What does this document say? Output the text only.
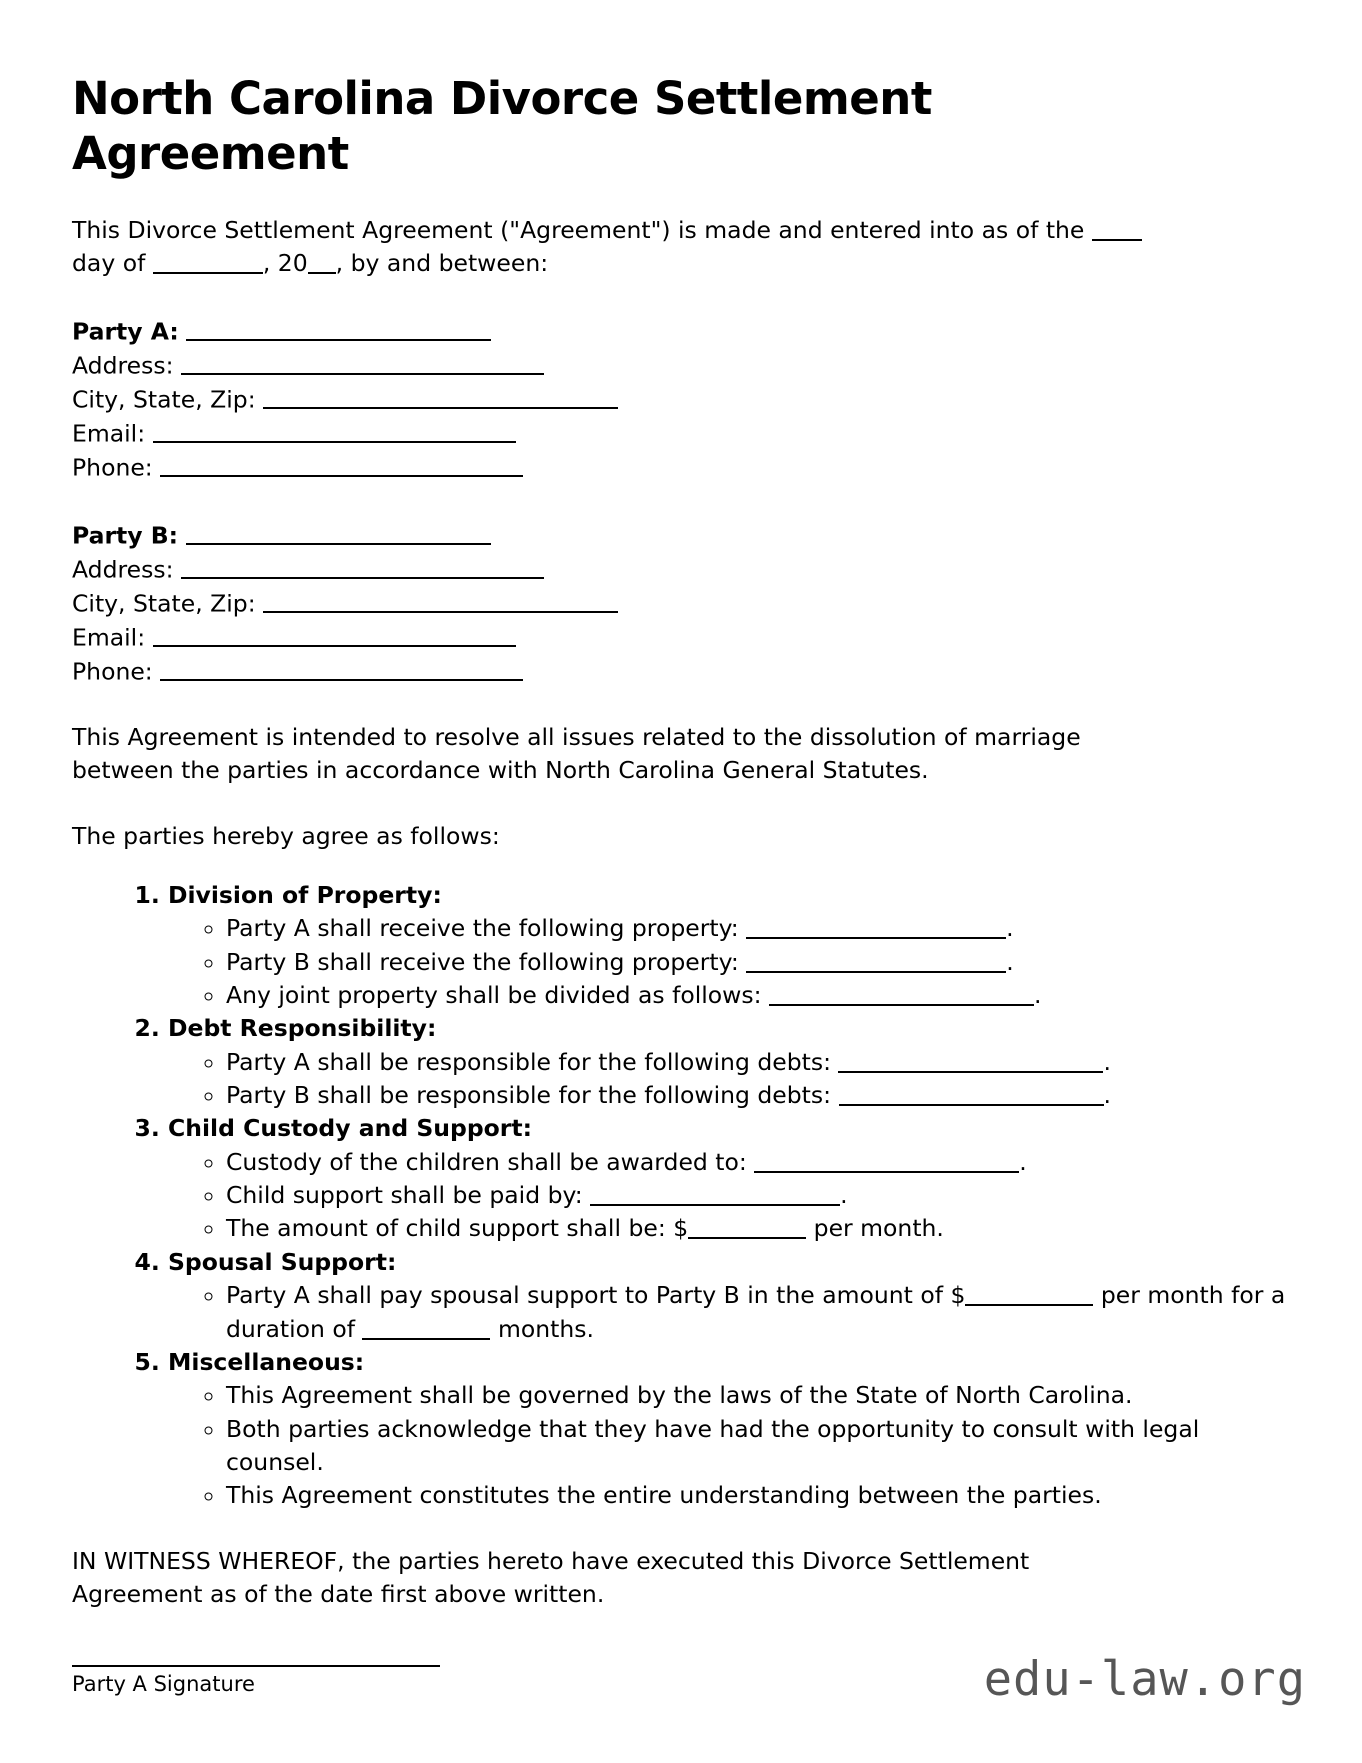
North Carolina Divorce Settlement Agreement

This Divorce Settlement Agreement ("Agreement") is made and entered into as of the  day of	, 20 , by and between:

Party A:
Address:
City, State, Zip:
Email:
Phone:
Party B:
Address:
City, State, Zip:
Email:
Phone:

This Agreement is intended to resolve all issues related to the dissolution of marriage between the parties in accordance with North Carolina General Statutes.

The parties hereby agree as follows:

1. Division of Property:
◦ Party A shall receive the following property:	.
◦ Party B shall receive the following property:	.
◦ Any joint property shall be divided as follows:	.
2. Debt Responsibility:
◦ Party A shall be responsible for the following debts:	.
◦ Party B shall be responsible for the following debts:	.
3. Child Custody and Support:
◦ Custody of the children shall be awarded to:	.
◦ Child support shall be paid by:	.
◦ The amount of child support shall be: $	per month.
4. Spousal Support:
◦ Party A shall pay spousal support to Party B in the amount of $	per month for a duration of	months.
5. Miscellaneous:
◦ This Agreement shall be governed by the laws of the State of North Carolina.
◦ Both parties acknowledge that they have had the opportunity to consult with legal counsel.
◦ This Agreement constitutes the entire understanding between the parties.

IN WITNESS WHEREOF, the parties hereto have executed this Divorce Settlement Agreement as of the date first above written.

Party A Signature	edu-law.org
